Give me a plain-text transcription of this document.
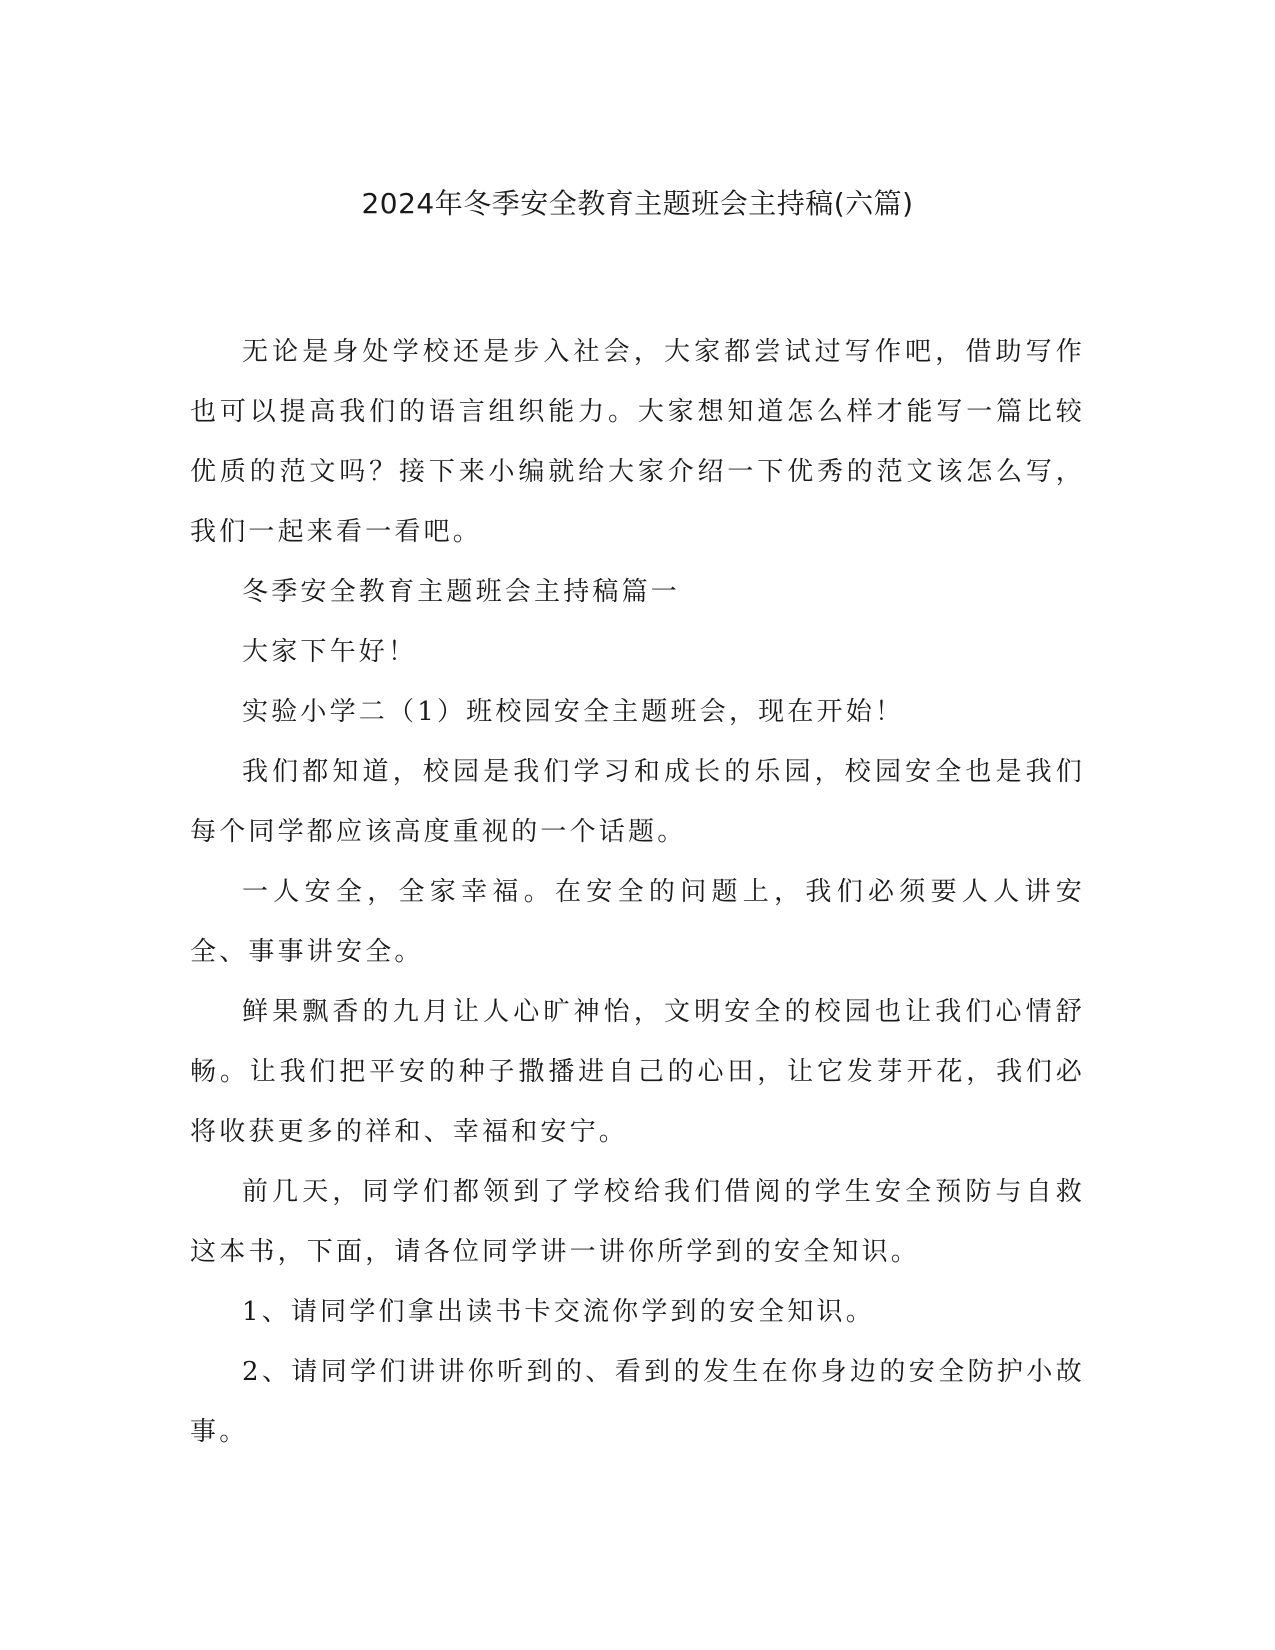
2024年冬季安全教育主题班会主持稿(六篇)

无论是身处学校还是步入社会，大家都尝试过写作吧，借助写作也可以提高我们的语言组织能力。大家想知道怎么样才能写一篇比较优质的范文吗？接下来小编就给大家介绍一下优秀的范文该怎么写，我们一起来看一看吧。

冬季安全教育主题班会主持稿篇一

大家下午好！

实验小学二（1）班校园安全主题班会，现在开始！

我们都知道，校园是我们学习和成长的乐园，校园安全也是我们每个同学都应该高度重视的一个话题。

一人安全，全家幸福。在安全的问题上，我们必须要人人讲安全、事事讲安全。

鲜果飘香的九月让人心旷神怡，文明安全的校园也让我们心情舒畅。让我们把平安的种子撒播进自己的心田，让它发芽开花，我们必将收获更多的祥和、幸福和安宁。

前几天，同学们都领到了学校给我们借阅的学生安全预防与自救这本书，下面，请各位同学讲一讲你所学到的安全知识。

1、请同学们拿出读书卡交流你学到的安全知识。

2、请同学们讲讲你听到的、看到的发生在你身边的安全防护小故事。
